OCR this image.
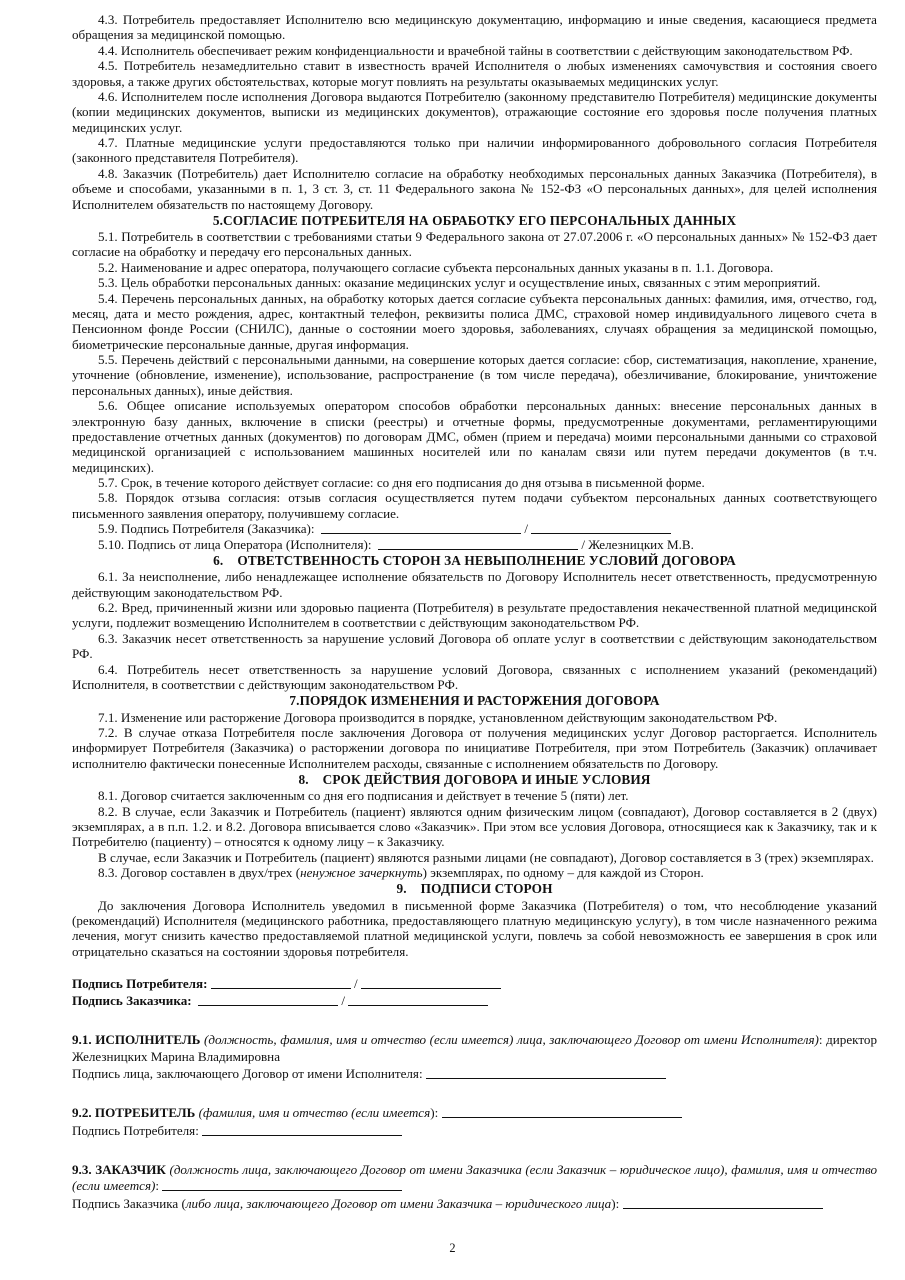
4.3. Потребитель предоставляет Исполнителю всю медицинскую документацию, информацию и иные сведения, касающиеся предмета обращения за медицинской помощью.

4.4. Исполнитель обеспечивает режим конфиденциальности и врачебной тайны в соответствии с действующим законодательством РФ.

4.5. Потребитель незамедлительно ставит в известность врачей Исполнителя о любых изменениях самочувствия и состояния своего здоровья, а также других обстоятельствах, которые могут повлиять на результаты оказываемых медицинских услуг.

4.6. Исполнителем после исполнения Договора выдаются Потребителю (законному представителю Потребителя) медицинские документы (копии медицинских документов, выписки из медицинских документов), отражающие состояние его здоровья после получения платных медицинских услуг.

4.7. Платные медицинские услуги предоставляются только при наличии информированного добровольного согласия Потребителя (законного представителя Потребителя).

4.8. Заказчик (Потребитель) дает Исполнителю согласие на обработку необходимых персональных данных Заказчика (Потребителя), в объеме и способами, указанными в п. 1, 3 ст. 3, ст. 11 Федерального закона № 152-ФЗ «О персональных данных», для целей исполнения Исполнителем обязательств по настоящему Договору.

5.СОГЛАСИЕ ПОТРЕБИТЕЛЯ НА ОБРАБОТКУ ЕГО ПЕРСОНАЛЬНЫХ ДАННЫХ

5.1. Потребитель в соответствии с требованиями статьи 9 Федерального закона от 27.07.2006 г. «О персональных данных» № 152-ФЗ дает согласие на обработку и передачу его персональных данных.

5.2. Наименование и адрес оператора, получающего согласие субъекта персональных данных указаны в п. 1.1. Договора.

5.3. Цель обработки персональных данных: оказание медицинских услуг и осуществление иных, связанных с этим мероприятий.

5.4. Перечень персональных данных, на обработку которых дается согласие субъекта персональных данных: фамилия, имя, отчество, год, месяц, дата и место рождения, адрес, контактный телефон, реквизиты полиса ДМС, страховой номер индивидуального лицевого счета в Пенсионном фонде России (СНИЛС), данные о состоянии моего здоровья, заболеваниях, случаях обращения за медицинской помощью, биометрические персональные данные, другая информация.

5.5. Перечень действий с персональными данными, на совершение которых дается согласие: сбор, систематизация, накопление, хранение, уточнение (обновление, изменение), использование, распространение (в том числе передача), обезличивание, блокирование, уничтожение персональных данных), иные действия.

5.6. Общее описание используемых оператором способов обработки персональных данных: внесение персональных данных в электронную базу данных, включение в списки (реестры) и отчетные формы, предусмотренные документами, регламентирующими предоставление отчетных данных (документов) по договорам ДМС, обмен (прием и передача) моими персональными данными со страховой медицинской организацией с использованием машинных носителей или по каналам связи или путем передачи документов (в т.ч. медицинских).

5.7. Срок, в течение которого действует согласие: со дня его подписания до дня отзыва в письменной форме.

5.8. Порядок отзыва согласия: отзыв согласия осуществляется путем подачи субъектом персональных данных соответствующего письменного заявления оператору, получившему согласие.

5.9. Подпись Потребителя (Заказчика):	/

5.10. Подпись от лица Оператора (Исполнителя):	/ Железницких М.В.

6. ОТВЕТСТВЕННОСТЬ СТОРОН ЗА НЕВЫПОЛНЕНИЕ УСЛОВИЙ ДОГОВОРА

6.1. За неисполнение, либо ненадлежащее исполнение обязательств по Договору Исполнитель несет ответственность, предусмотренную действующим законодательством РФ.

6.2. Вред, причиненный жизни или здоровью пациента (Потребителя) в результате предоставления некачественной платной медицинской услуги, подлежит возмещению Исполнителем в соответствии с действующим законодательством РФ.

6.3. Заказчик несет ответственность за нарушение условий Договора об оплате услуг в соответствии с действующим законодательством РФ.

6.4. Потребитель несет ответственность за нарушение условий Договора, связанных с исполнением указаний (рекомендаций) Исполнителя, в соответствии с действующим законодательством РФ.

7.ПОРЯДОК ИЗМЕНЕНИЯ И РАСТОРЖЕНИЯ ДОГОВОРА

7.1. Изменение или расторжение Договора производится в порядке, установленном действующим законодательством РФ.

7.2. В случае отказа Потребителя после заключения Договора от получения медицинских услуг Договор расторгается. Исполнитель информирует Потребителя (Заказчика) о расторжении договора по инициативе Потребителя, при этом Потребитель (Заказчик) оплачивает исполнителю фактически понесенные Исполнителем расходы, связанные с исполнением обязательств по Договору.

8. СРОК ДЕЙСТВИЯ ДОГОВОРА И ИНЫЕ УСЛОВИЯ

8.1. Договор считается заключенным со дня его подписания и действует в течение 5 (пяти) лет.

8.2. В случае, если Заказчик и Потребитель (пациент) являются одним физическим лицом (совпадают), Договор составляется в 2 (двух) экземплярах, а в п.п. 1.2. и 8.2. Договора вписывается слово «Заказчик». При этом все условия Договора, относящиеся как к Заказчику, так и к Потребителю (пациенту) – относятся к одному лицу – к Заказчику.

В случае, если Заказчик и Потребитель (пациент) являются разными лицами (не совпадают), Договор составляется в 3 (трех) экземплярах.

8.3. Договор составлен в двух/трех (ненужное зачеркнуть) экземплярах, по одному – для каждой из Сторон.

9. ПОДПИСИ СТОРОН

До заключения Договора Исполнитель уведомил в письменной форме Заказчика (Потребителя) о том, что несоблюдение указаний (рекомендаций) Исполнителя (медицинского работника, предоставляющего платную медицинскую услугу), в том числе назначенного режима лечения, могут снизить качество предоставляемой платной медицинской услуги, повлечь за собой невозможность ее завершения в срок или отрицательно сказаться на состоянии здоровья потребителя.

Подпись Потребителя:	/
Подпись Заказчика:	/
9.1. ИСПОЛНИТЕЛЬ (должность, фамилия, имя и отчество (если имеется) лица, заключающего Договор от имени Исполнителя): директор Железницких Марина Владимировна
Подпись лица, заключающего Договор от имени Исполнителя:
9.2. ПОТРЕБИТЕЛЬ (фамилия, имя и отчество (если имеется):
Подпись Потребителя:
9.3. ЗАКАЗЧИК (должность лица, заключающего Договор от имени Заказчика (если Заказчик – юридическое лицо), фамилия, имя и отчество (если имеется):
Подпись Заказчика (либо лица, заключающего Договор от имени Заказчика – юридического лица):
2
